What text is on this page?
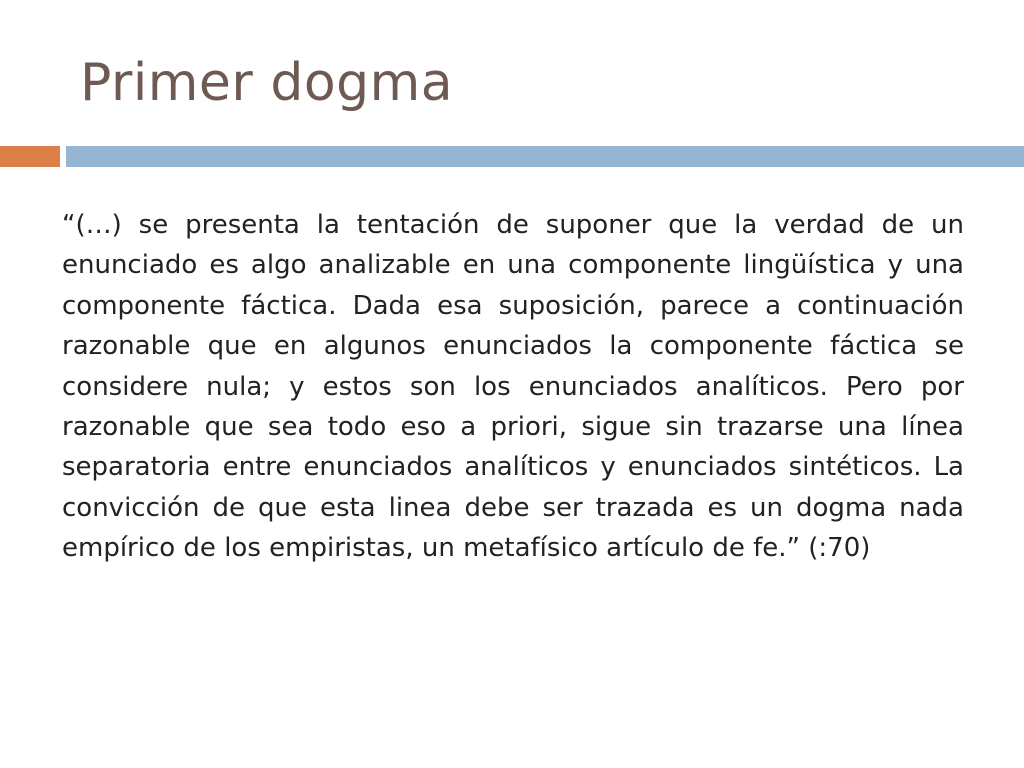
Primer dogma

“(…) se presenta la tentación de suponer que la verdad de un enunciado es algo analizable en una componente lingüística y una componente fáctica. Dada esa suposición, parece a continuación razonable que en algunos enunciados la componente fáctica se considere nula; y estos son los enunciados analíticos. Pero por razonable que sea todo eso a priori, sigue sin trazarse una línea separatoria entre enunciados analíticos y enunciados sintéticos. La convicción de que esta linea debe ser trazada es un dogma nada empírico de los empiristas, un metafísico artículo de fe.” (:70)
